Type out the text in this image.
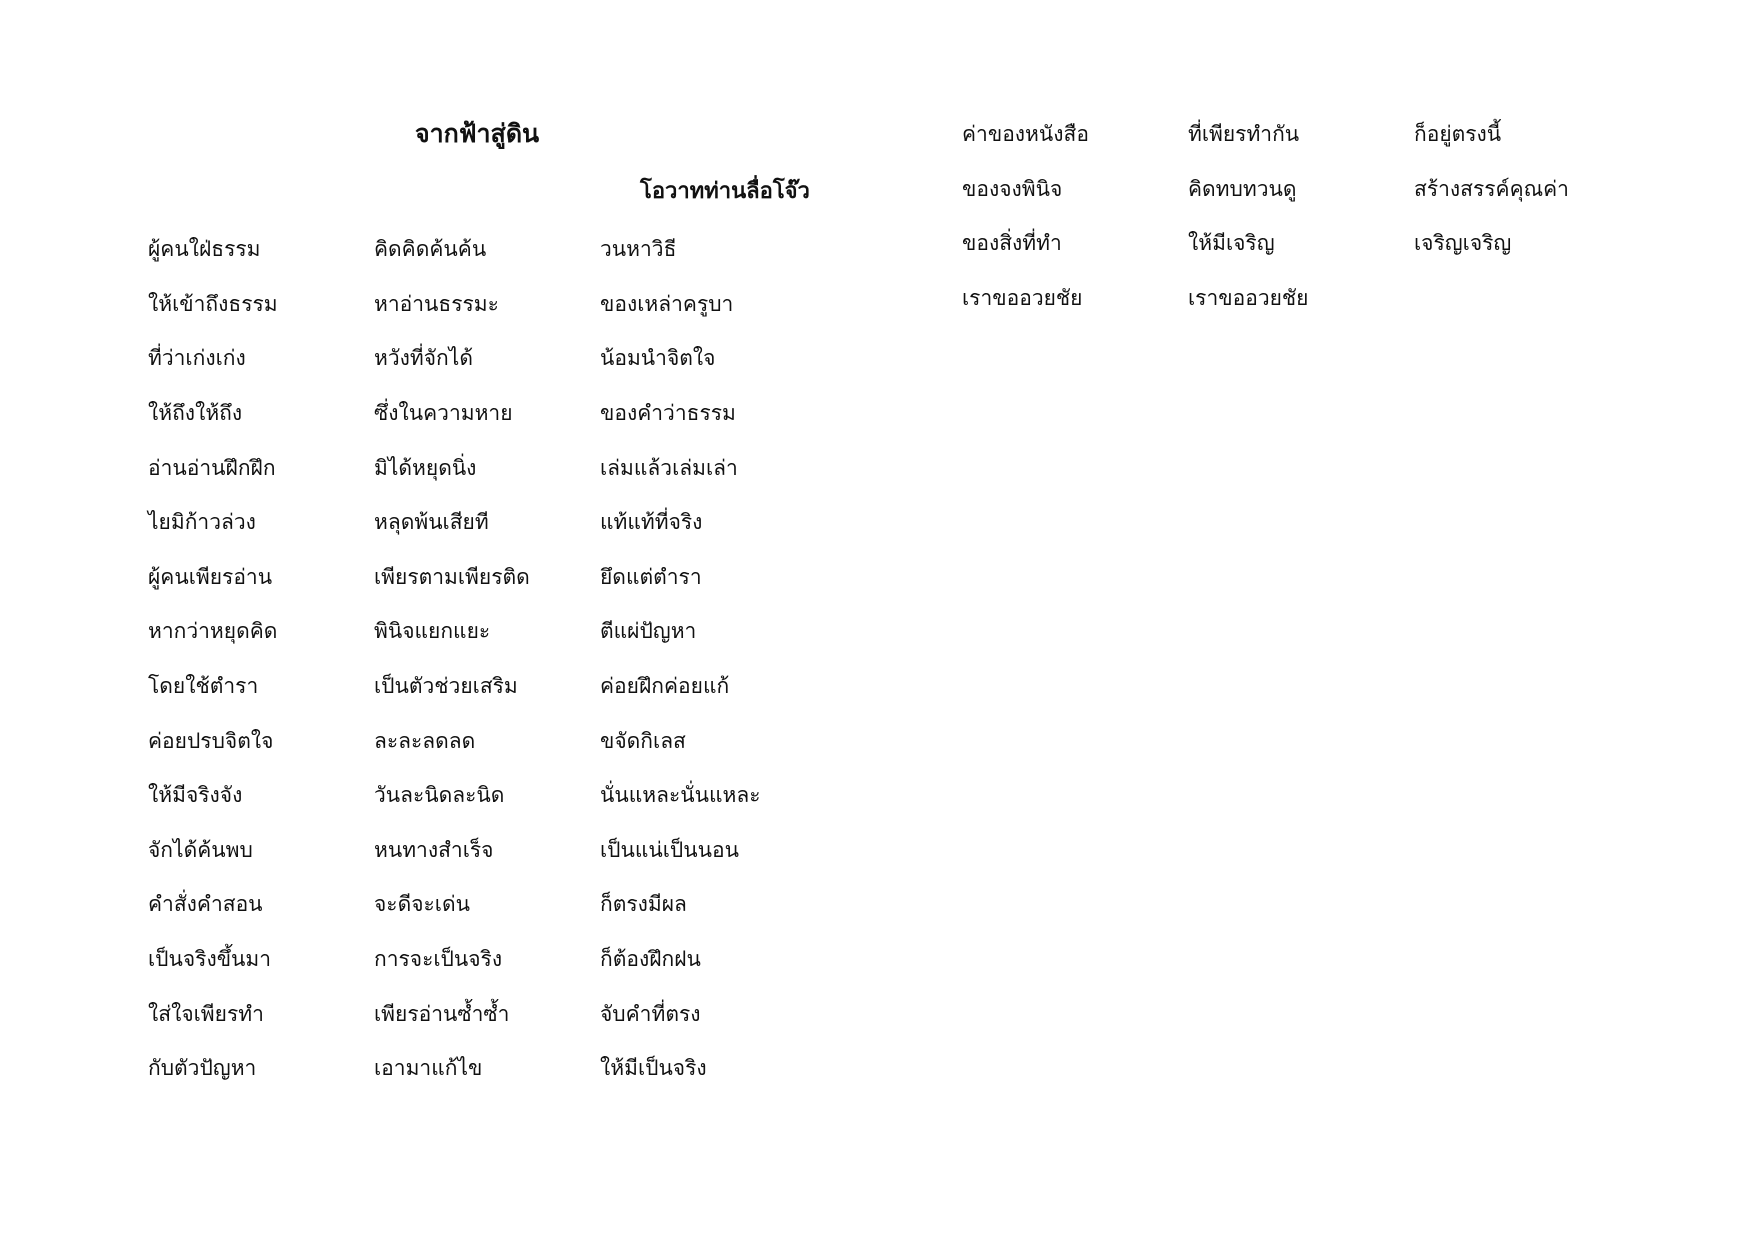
จากฟ้าสู่ดิน
โอวาทท่านลื่อโจ๊ว
ผู้คนใฝ่ธรรม	คิดคิดค้นค้น	วนหาวิธี
ให้เข้าถึงธรรม	หาอ่านธรรมะ	ของเหล่าครูบา
ที่ว่าเก่งเก่ง	หวังที่จักได้	น้อมนำจิตใจ
ให้ถึงให้ถึง	ซึ่งในความหาย	ของคำว่าธรรม
อ่านอ่านฝึกฝึก	มิได้หยุดนิ่ง	เล่มแล้วเล่มเล่า
ไยมิก้าวล่วง	หลุดพ้นเสียที	แท้แท้ที่จริง
ผู้คนเพียรอ่าน	เพียรตามเพียรติด	ยึดแต่ตำรา
หากว่าหยุดคิด	พินิจแยกแยะ	ตีแผ่ปัญหา
โดยใช้ตำรา	เป็นตัวช่วยเสริม	ค่อยฝึกค่อยแก้
ค่อยปรบจิตใจ	ละละลดลด	ขจัดกิเลส
ให้มีจริงจัง	วันละนิดละนิด	นั่นแหละนั่นแหละ
จักได้ค้นพบ	หนทางสำเร็จ	เป็นแน่เป็นนอน
คำสั่งคำสอน	จะดีจะเด่น	ก็ตรงมีผล
เป็นจริงขึ้นมา	การจะเป็นจริง	ก็ต้องฝึกฝน
ใส่ใจเพียรทำ	เพียรอ่านซ้ำซ้ำ	จับคำที่ตรง
กับตัวปัญหา	เอามาแก้ไข	ให้มีเป็นจริง
ค่าของหนังสือ	ที่เพียรทำกัน	ก็อยู่ตรงนี้
ของจงพินิจ	คิดทบทวนดู	สร้างสรรค์คุณค่า
ของสิ่งที่ทำ	ให้มีเจริญ	เจริญเจริญ
เราขออวยชัย	เราขออวยชัย
